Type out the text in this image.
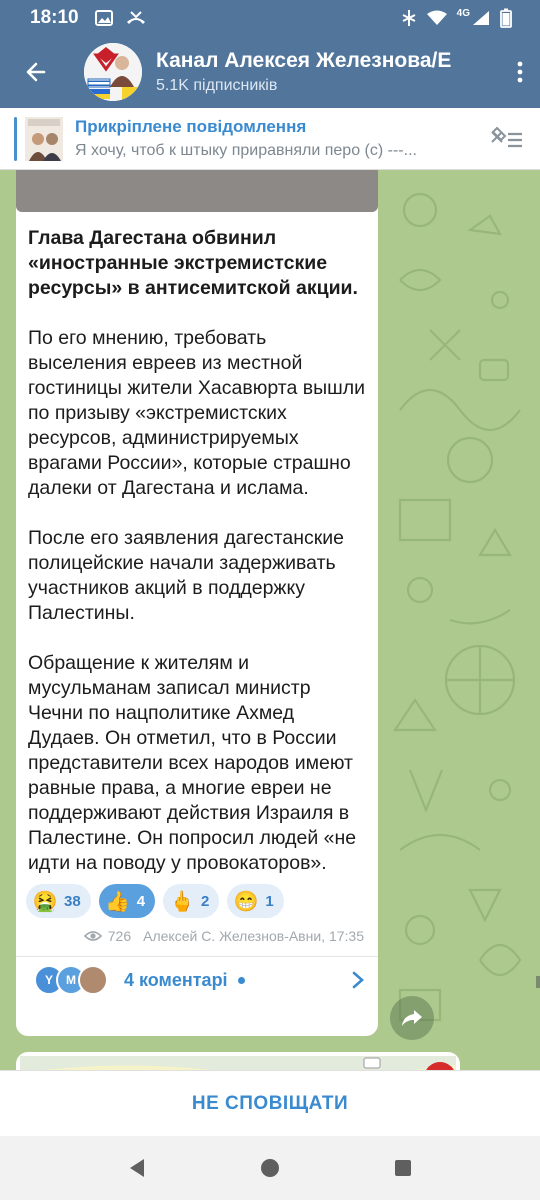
18:10	4G
Канал Алексея Железнова/Е
5.1K підписників
Прикріплене повідомлення
Я хочу, чтоб к штыку приравняли перо (с) ---...

Глава Дагестана обвинил «иностранные экстремистские ресурсы» в антисемитской акции.

По его мнению, требовать выселения евреев из местной гостиницы жители Хасавюрта вышли по призыву «экстремистских ресурсов, администрируемых врагами России», которые страшно далеки от Дагестана и ислама.

После его заявления дагестанские полицейские начали задерживать участников акций в поддержку Палестины.

Обращение к жителям и мусульманам записал министр Чечни по нацполитике Ахмед Дудаев. Он отметил, что в России представители всех народов имеют равные права, а многие евреи не поддерживают действия Израиля в Палестине. Он попросил людей «не идти на поводу у провокаторов».

🤮 38 👍 4 🖕 2 😁 1
726 Алексей С. Железнов-Авни, 17:35
Y	M	4 коментарі
НЕ СПОВІЩАТИ
